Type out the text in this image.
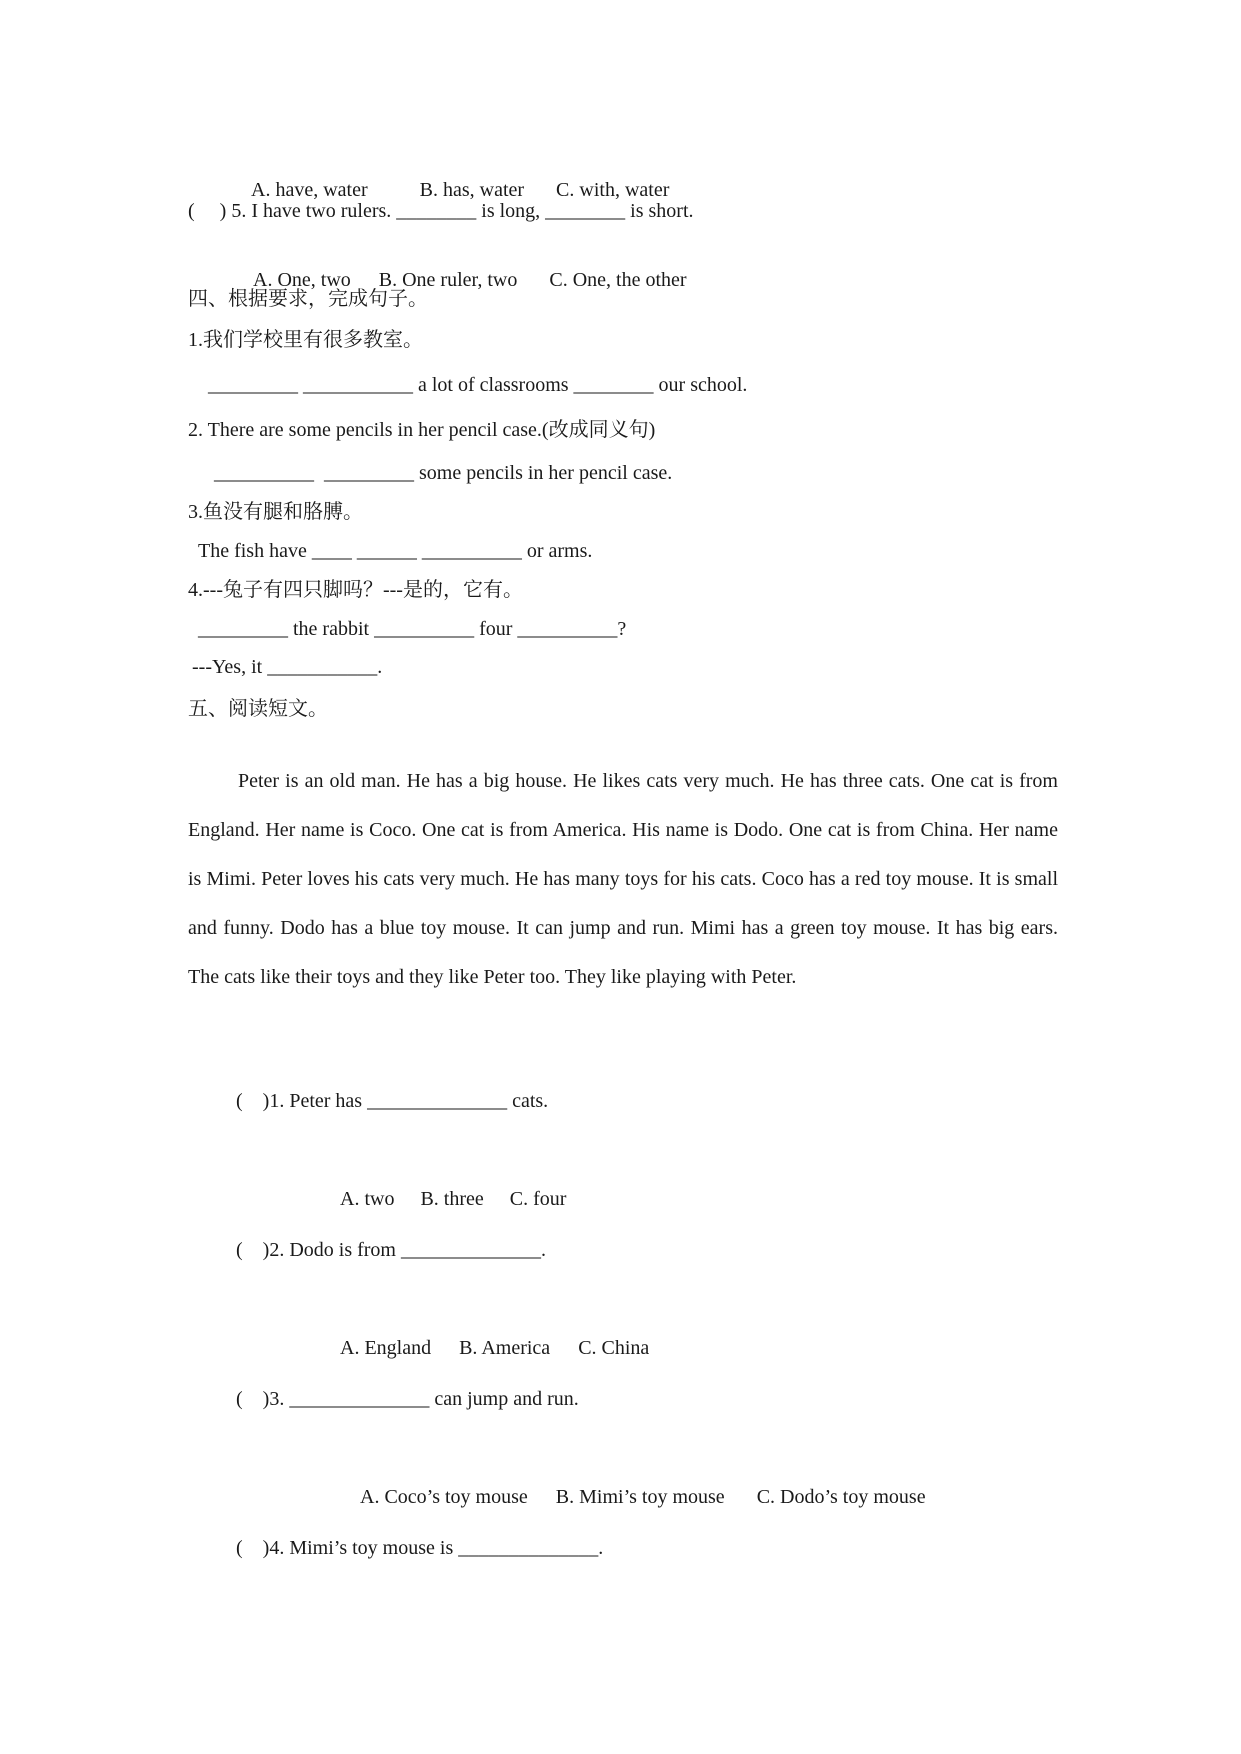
A. have, water	B. has, water C. with, water

(     ) 5. I have two rulers. ________ is long, ________ is short.

A. One, two B. One ruler, two C. One, the other

四、根据要求，完成句子。
1.我们学校里有很多教室。
_________ ___________ a lot of classrooms ________ our school.
2. There are some pencils in her pencil case.(改成同义句)
__________  _________ some pencils in her pencil case.
3.鱼没有腿和胳膊。
The fish have ____ ______ __________ or arms.
4.---兔子有四只脚吗？---是的，它有。
_________ the rabbit __________ four __________?
---Yes, it ___________.
五、阅读短文。
Peter is an old man. He has a big house. He likes cats very much. He has three cats. One cat is from England. Her name is Coco. One cat is from America. His name is Dodo. One cat is from China. Her name is Mimi. Peter loves his cats very much. He has many toys for his cats. Coco has a red toy mouse. It is small and funny. Dodo has a blue toy mouse. It can jump and run. Mimi has a green toy mouse. It has big ears. The cats like their toys and they like Peter too. They like playing with Peter.
(    )1. Peter has ______________ cats.

A. two B. three C. four

(    )2. Dodo is from ______________.

A. England B. America C. China

(    )3. ______________ can jump and run.

A. Coco’s toy mouse B. Mimi’s toy mouse C. Dodo’s toy mouse

(    )4. Mimi’s toy mouse is ______________.
